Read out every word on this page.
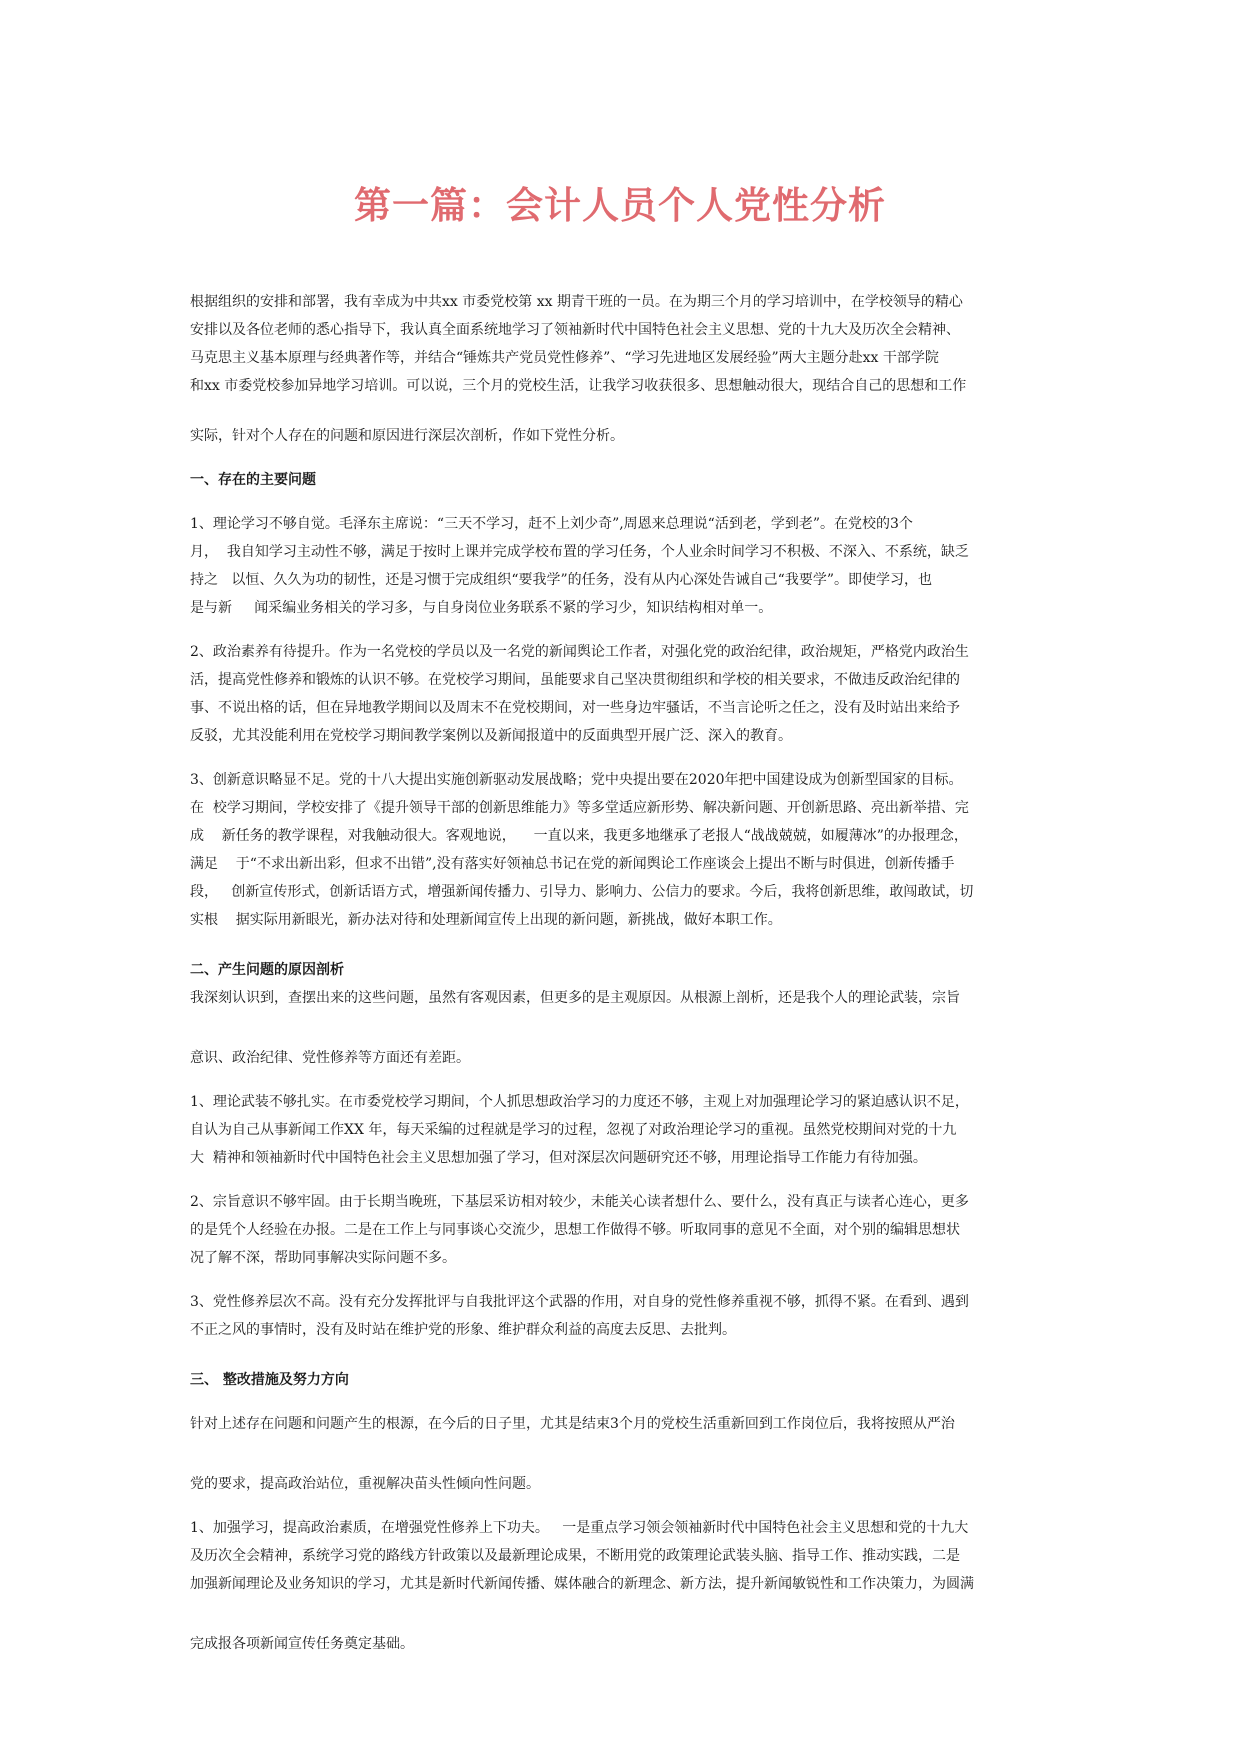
第一篇：会计人员个人党性分析

根据组织的安排和部署，我有幸成为中共xx 市委党校第 xx 期青干班的一员。在为期三个月的学习培训中，在学校领导的精心
安排以及各位老师的悉心指导下，我认真全面系统地学习了领袖新时代中国特色社会主义思想、党的十九大及历次全会精神、
马克思主义基本原理与经典著作等，并结合“锤炼共产党员党性修养”、“学习先进地区发展经验”两大主题分赴xx 干部学院
和xx 市委党校参加异地学习培训。可以说，三个月的党校生活，让我学习收获很多、思想触动很大，现结合自己的思想和工作

实际，针对个人存在的问题和原因进行深层次剖析，作如下党性分析。

一、存在的主要问题

1、理论学习不够自觉。毛泽东主席说：“三天不学习，赶不上刘少奇”,周恩来总理说“活到老，学到老”。在党校的3个
月，  我自知学习主动性不够，满足于按时上课并完成学校布置的学习任务，个人业余时间学习不积极、不深入、不系统，缺乏
持之   以恒、久久为功的韧性，还是习惯于完成组织“要我学”的任务，没有从内心深处告诫自己“我要学”。即使学习，也
是与新     闻采编业务相关的学习多，与自身岗位业务联系不紧的学习少，知识结构相对单一。

2、政治素养有待提升。作为一名党校的学员以及一名党的新闻舆论工作者，对强化党的政治纪律，政治规矩，严格党内政治生
活，提高党性修养和锻炼的认识不够。在党校学习期间，虽能要求自己坚决贯彻组织和学校的相关要求，不做违反政治纪律的
事、不说出格的话，但在异地教学期间以及周末不在党校期间，对一些身边牢骚话，不当言论听之任之，没有及时站出来给予
反驳，尤其没能利用在党校学习期间教学案例以及新闻报道中的反面典型开展广泛、深入的教育。

3、创新意识略显不足。党的十八大提出实施创新驱动发展战略；党中央提出要在2020年把中国建设成为创新型国家的目标。
在  校学习期间，学校安排了《提升领导干部的创新思维能力》等多堂适应新形势、解决新问题、开创新思路、亮出新举措、完
成    新任务的教学课程，对我触动很大。客观地说，    一直以来，我更多地继承了老报人“战战兢兢，如履薄冰”的办报理念，
满足    于“不求出新出彩，但求不出错”,没有落实好领袖总书记在党的新闻舆论工作座谈会上提出不断与时俱进，创新传播手
段，   创新宣传形式，创新话语方式，增强新闻传播力、引导力、影响力、公信力的要求。今后，我将创新思维，敢闯敢试，切
实根    据实际用新眼光，新办法对待和处理新闻宣传上出现的新问题，新挑战，做好本职工作。

二、产生问题的原因剖析

我深刻认识到，查摆出来的这些问题，虽然有客观因素，但更多的是主观原因。从根源上剖析，还是我个人的理论武装，宗旨

意识、政治纪律、党性修养等方面还有差距。

1、理论武装不够扎实。在市委党校学习期间，个人抓思想政治学习的力度还不够，主观上对加强理论学习的紧迫感认识不足，
自认为自己从事新闻工作XX 年，每天采编的过程就是学习的过程，忽视了对政治理论学习的重视。虽然党校期间对党的十九
大  精神和领袖新时代中国特色社会主义思想加强了学习，但对深层次问题研究还不够，用理论指导工作能力有待加强。

2、宗旨意识不够牢固。由于长期当晚班，下基层采访相对较少，未能关心读者想什么、要什么，没有真正与读者心连心，更多
的是凭个人经验在办报。二是在工作上与同事谈心交流少，思想工作做得不够。听取同事的意见不全面，对个别的编辑思想状
况了解不深，帮助同事解决实际问题不多。

3、党性修养层次不高。没有充分发挥批评与自我批评这个武器的作用，对自身的党性修养重视不够，抓得不紧。在看到、遇到
不正之风的事情时，没有及时站在维护党的形象、维护群众利益的高度去反思、去批判。

三、 整改措施及努力方向

针对上述存在问题和问题产生的根源，在今后的日子里，尤其是结束3个月的党校生活重新回到工作岗位后，我将按照从严治

党的要求，提高政治站位，重视解决苗头性倾向性问题。

1、加强学习，提高政治素质，在增强党性修养上下功夫。   一是重点学习领会领袖新时代中国特色社会主义思想和党的十九大
及历次全会精神，系统学习党的路线方针政策以及最新理论成果，不断用党的政策理论武装头脑、指导工作、推动实践，二是
加强新闻理论及业务知识的学习，尤其是新时代新闻传播、媒体融合的新理念、新方法，提升新闻敏锐性和工作决策力，为圆满

完成报各项新闻宣传任务奠定基础。
